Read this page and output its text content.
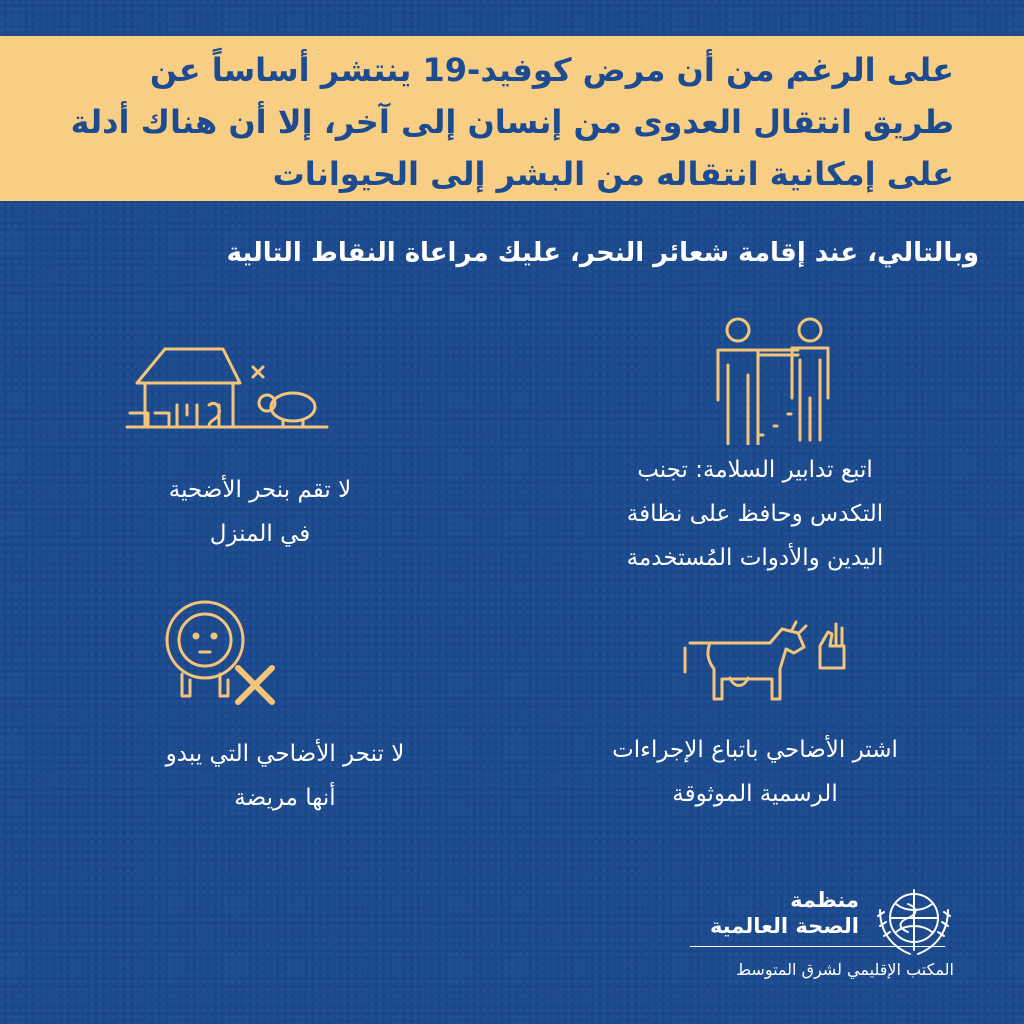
على الرغم من أن مرض كوفيد-19 ينتشر أساساً عن
طريق انتقال العدوى من إنسان إلى آخر، إلا أن هناك أدلة
على إمكانية انتقاله من البشر إلى الحيوانات
وبالتالي، عند إقامة شعائر النحر، عليك مراعاة النقاط التالية
اتبع تدابير السلامة: تجنب
التكدس وحافظ على نظافة
اليدين والأدوات المُستخدمة
لا تقم بنحر الأضحية
في المنزل
اشتر الأضاحي باتباع الإجراءات
الرسمية الموثوقة
لا تنحر الأضاحي التي يبدو
أنها مريضة
منظمة
الصحة العالمية
المكتب الإقليمي لشرق المتوسط
